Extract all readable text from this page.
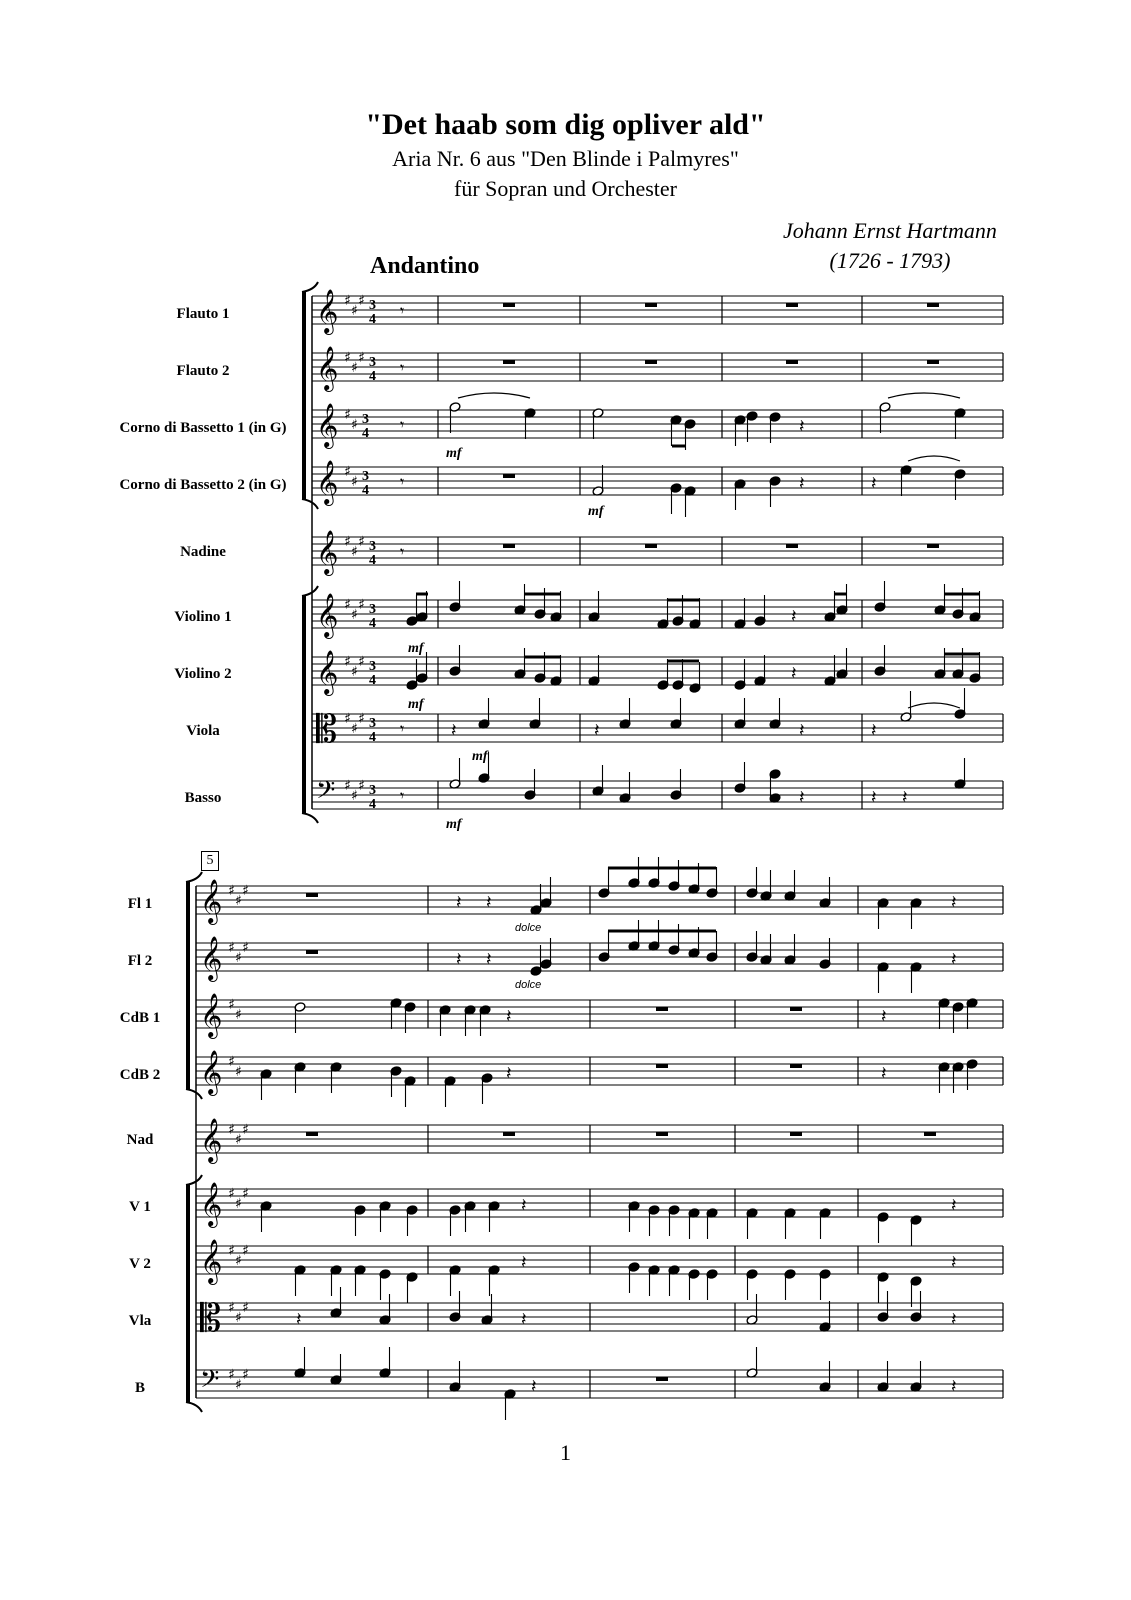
"Det haab som dig opliver ald"
Aria Nr. 6 aus "Den Blinde i Palmyres"
für Sopran und Orchester
Johann Ernst Hartmann
(1726 - 1793)
Andantino
Flauto 1
Flauto 2
Corno di Bassetto 1 (in G)
Corno di Bassetto 2 (in G)
Nadine
Violino 1
Violino 2
Viola
Basso
5
Fl 1
Fl 2
CdB 1
CdB 2
Nad
V 1
V 2
Vla
B
𝄞 ♯
♯
♯ 3
4
𝄞 ♯
♯
♯ 3
4
𝄞 ♯
♯ 3
4
𝄞 ♯
♯ 3
4
𝄞 ♯
♯
♯ 3
4
𝄞 ♯
♯
♯ 3
4
𝄞 ♯
♯
♯ 3
4
𝄡 ♯
♯
♯ 3
4
𝄢 ♯
♯
♯ 3
4
𝄞 ♯
♯
♯
𝄞 ♯
♯
♯
𝄞 ♯
♯
𝄞 ♯
♯
𝄞 ♯
♯
♯
𝄞 ♯
♯
♯
𝄞 ♯
♯
♯
𝄡 ♯
♯
♯
𝄢 ♯
♯
♯
𝄾
𝄾
𝄾
𝄾
𝄾
𝄾
𝄾
𝄽
𝄽	𝄽
𝄽
𝄽
𝄽	𝄽	𝄽	𝄽
𝄽	𝄽 𝄽
𝄽 𝄽	𝄽
𝄽 𝄽	𝄽
𝄽	𝄽
𝄽	𝄽
𝄽	𝄽
𝄽	𝄽
𝄽	𝄽	𝄽
𝄽	𝄽
mf
mf
mf
mf
mf
mf
dolce
dolce
1
